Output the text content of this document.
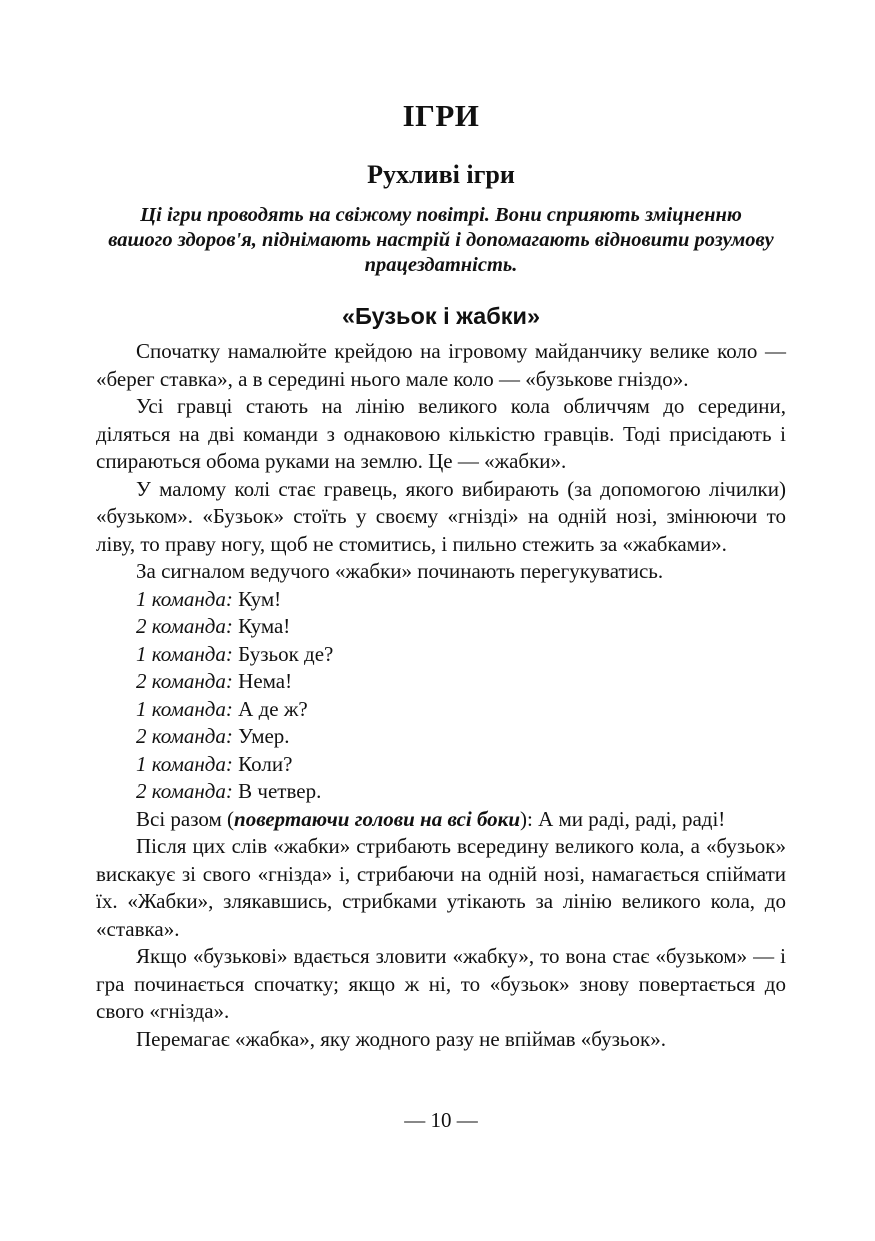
ІГРИ
Рухливі ігри
Ці ігри проводять на свіжому повітрі. Вони сприяють зміцненню вашого здоров'я, піднімають настрій і допомагають відновити розумову працездатність.
«Бузьок і жабки»

Спочатку намалюйте крейдою на ігровому майданчику велике коло — «берег ставка», а в середині нього мале коло — «бузькове гніздо».

Усі гравці стають на лінію великого кола обличчям до середини, діляться на дві команди з однаковою кількістю гравців. Тоді присідають і спираються обома руками на землю. Це — «жабки».

У малому колі стає гравець, якого вибирають (за допомогою лічилки) «бузьком». «Бузьок» стоїть у своєму «гнізді» на одній нозі, змінюючи то ліву, то праву ногу, щоб не стомитись, і пильно стежить за «жабками».

За сигналом ведучого «жабки» починають перегукуватись.

1 команда: Кум!

2 команда: Кума!

1 команда: Бузьок де?

2 команда: Нема!

1 команда: А де ж?

2 команда: Умер.

1 команда: Коли?

2 команда: В четвер.

Всі разом (повертаючи голови на всі боки): А ми раді, раді, раді!

Після цих слів «жабки» стрибають всередину великого кола, а «бузьок» вискакує зі свого «гнізда» і, стрибаючи на одній нозі, намагається спіймати їх. «Жабки», злякавшись, стрибками утікають за лінію великого кола, до «ставка».

Якщо «бузькові» вдається зловити «жабку», то вона стає «бузьком» — і гра починається спочатку; якщо ж ні, то «бузьок» знову повертається до свого «гнізда».

Перемагає «жабка», яку жодного разу не впіймав «бузьок».

— 10 —
